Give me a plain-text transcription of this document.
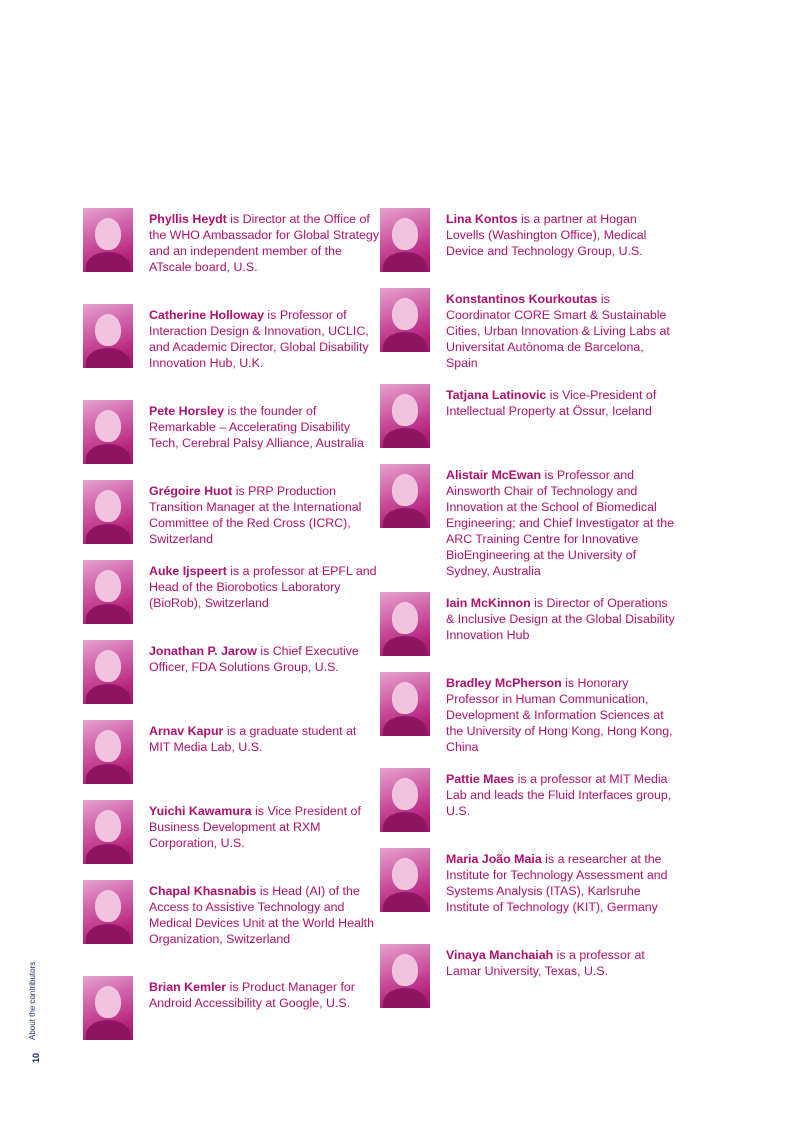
Phyllis Heydt is Director at the Office of the WHO Ambassador for Global Strategy and an independent member of the ATscale board, U.S.

Catherine Holloway is Professor of Interaction Design & Innovation, UCLIC, and Academic Director, Global Disability Innovation Hub, U.K.

Pete Horsley is the founder of Remarkable – Accelerating Disability Tech, Cerebral Palsy Alliance, Australia

Grégoire Huot is PRP Production Transition Manager at the International Committee of the Red Cross (ICRC), Switzerland

Auke Ijspeert is a professor at EPFL and Head of the Biorobotics Laboratory (BioRob), Switzerland

Jonathan P. Jarow is Chief Executive Officer, FDA Solutions Group, U.S.

Arnav Kapur is a graduate student at MIT Media Lab, U.S.

Yuichi Kawamura is Vice President of Business Development at RXM Corporation, U.S.

Chapal Khasnabis is Head (AI) of the Access to Assistive Technology and Medical Devices Unit at the World Health Organization, Switzerland

Brian Kemler is Product Manager for Android Accessibility at Google, U.S.

Lina Kontos is a partner at Hogan Lovells (Washington Office), Medical Device and Technology Group, U.S.

Konstantinos Kourkoutas is Coordinator CORE Smart & Sustainable Cities, Urban Innovation & Living Labs at Universitat Autònoma de Barcelona, Spain

Tatjana Latinovic is Vice-President of Intellectual Property at Össur, Iceland

Alistair McEwan is Professor and Ainsworth Chair of Technology and Innovation at the School of Biomedical Engineering; and Chief Investigator at the ARC Training Centre for Innovative BioEngineering at the University of Sydney, Australia

Iain McKinnon is Director of Operations & Inclusive Design at the Global Disability Innovation Hub

Bradley McPherson is Honorary Professor in Human Communication, Development & Information Sciences at the University of Hong Kong, Hong Kong, China

Pattie Maes is a professor at MIT Media Lab and leads the Fluid Interfaces group, U.S.

Maria João Maia is a researcher at the Institute for Technology Assessment and Systems Analysis (ITAS), Karlsruhe Institute of Technology (KIT), Germany

Vinaya Manchaiah is a professor at Lamar University, Texas, U.S.

About the contributors
10
